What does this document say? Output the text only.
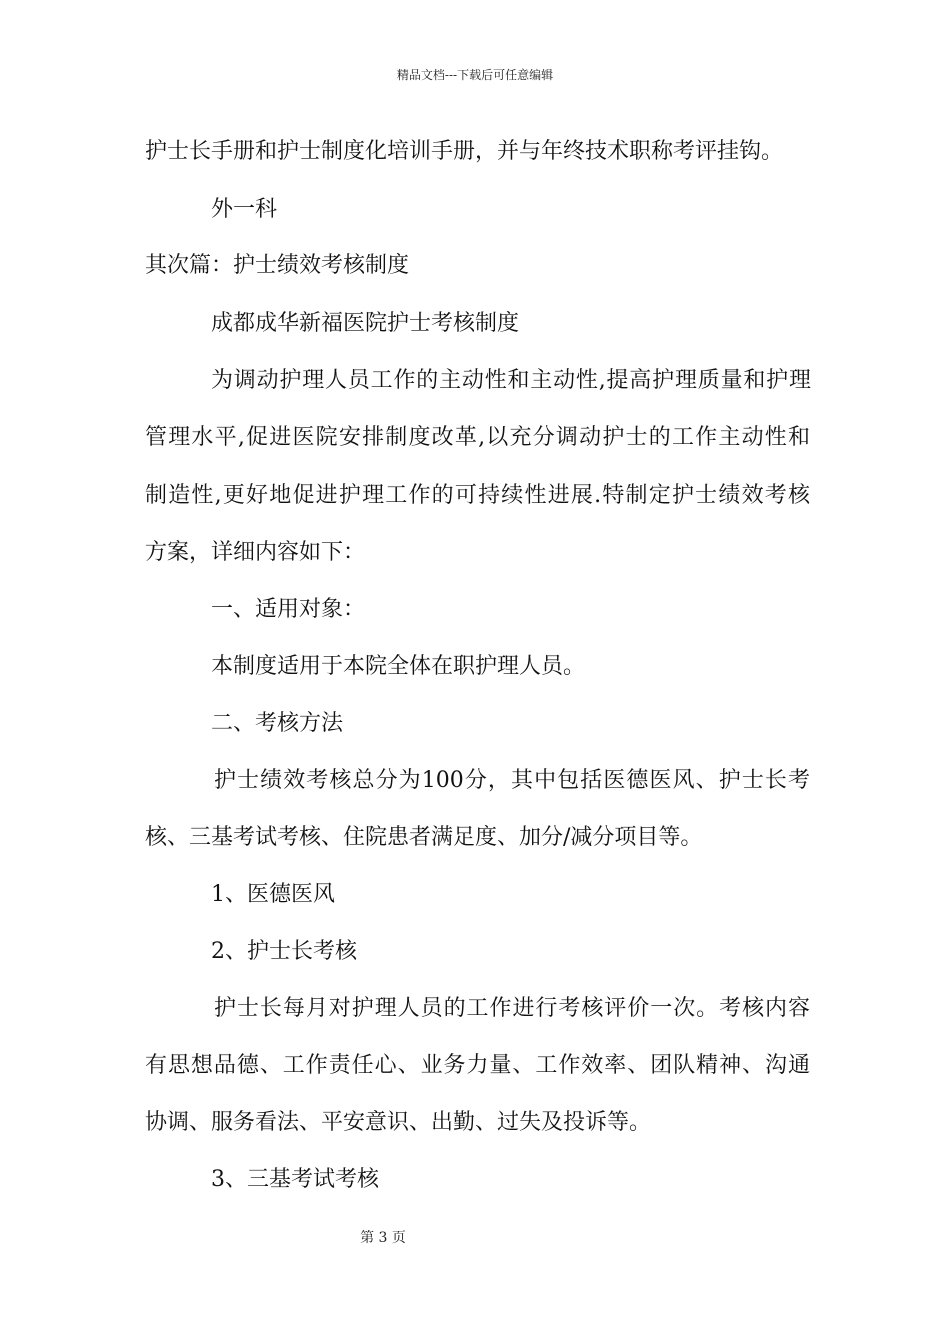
精品文档---下载后可任意编辑
护士长手册和护士制度化培训手册，并与年终技术职称考评挂钩。
外一科
其次篇：护士绩效考核制度
成都成华新福医院护士考核制度
为调动护理人员工作的主动性和主动性,提高护理质量和护理
管理水平,促进医院安排制度改革,以充分调动护士的工作主动性和
制造性,更好地促进护理工作的可持续性进展.特制定护士绩效考核
方案，详细内容如下：
一、适用对象：
本制度适用于本院全体在职护理人员。
二、考核方法
护士绩效考核总分为100分，其中包括医德医风、护士长考
核、三基考试考核、住院患者满足度、加分/减分项目等。
1、医德医风
2、护士长考核
护士长每月对护理人员的工作进行考核评价一次。考核内容
有思想品德、工作责任心、业务力量、工作效率、团队精神、沟通
协调、服务看法、平安意识、出勤、过失及投诉等。
3、三基考试考核
第 3 页
